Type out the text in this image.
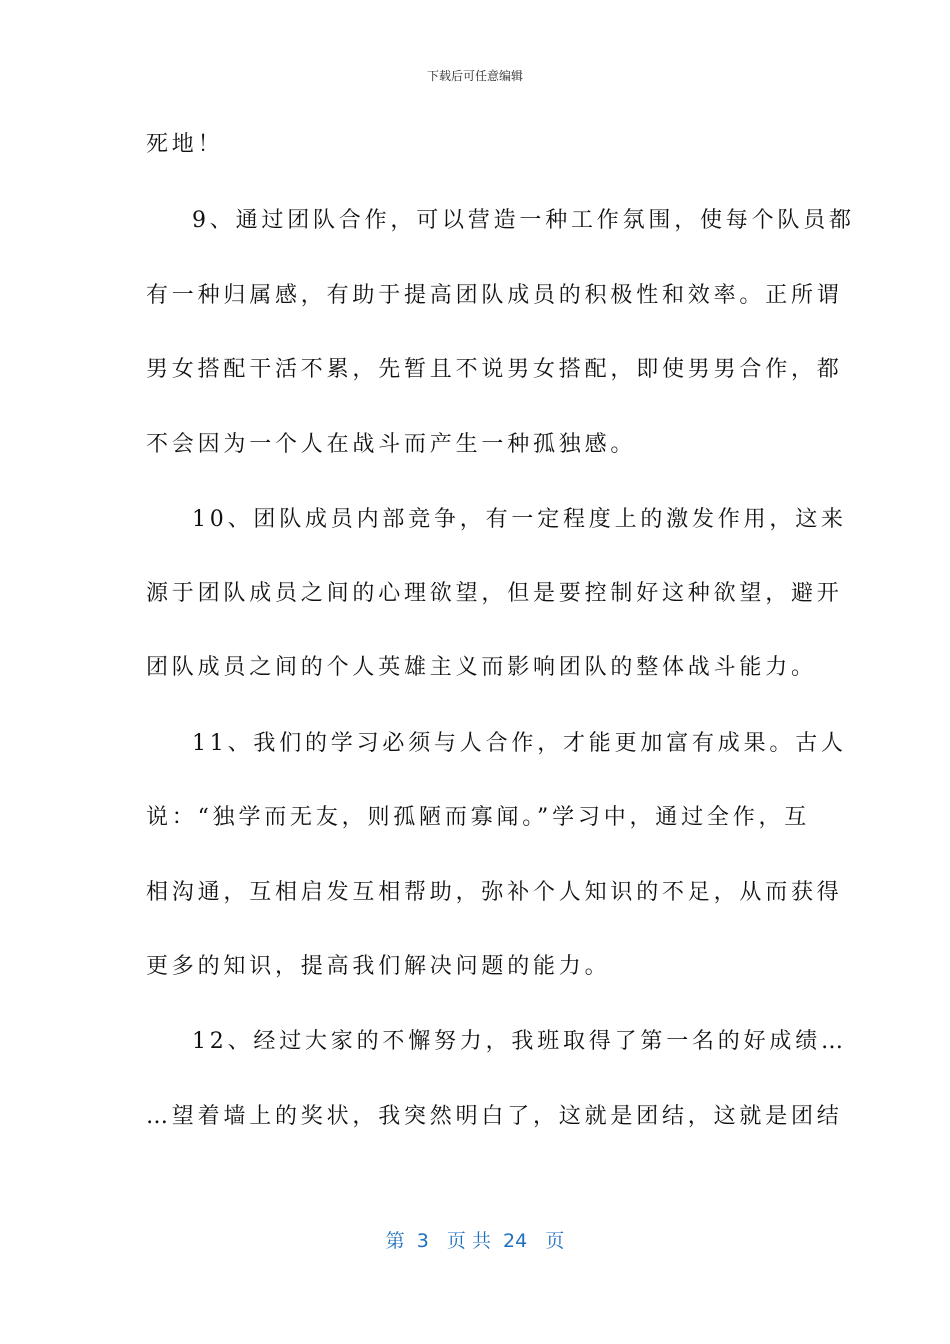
下载后可任意编辑
死地！
9、通过团队合作，可以营造一种工作氛围，使每个队员都
有一种归属感，有助于提高团队成员的积极性和效率。正所谓
男女搭配干活不累，先暂且不说男女搭配，即使男男合作，都
不会因为一个人在战斗而产生一种孤独感。
10、团队成员内部竞争，有一定程度上的激发作用，这来
源于团队成员之间的心理欲望，但是要控制好这种欲望，避开
团队成员之间的个人英雄主义而影响团队的整体战斗能力。
11、我们的学习必须与人合作，才能更加富有成果。古人
说：“独学而无友，则孤陋而寡闻。”学习中，通过全作，互
相沟通，互相启发互相帮助，弥补个人知识的不足，从而获得
更多的知识，提高我们解决问题的能力。
12、经过大家的不懈努力，我班取得了第一名的好成绩…
…望着墙上的奖状，我突然明白了，这就是团结，这就是团结
第  3   页 共  24   页
